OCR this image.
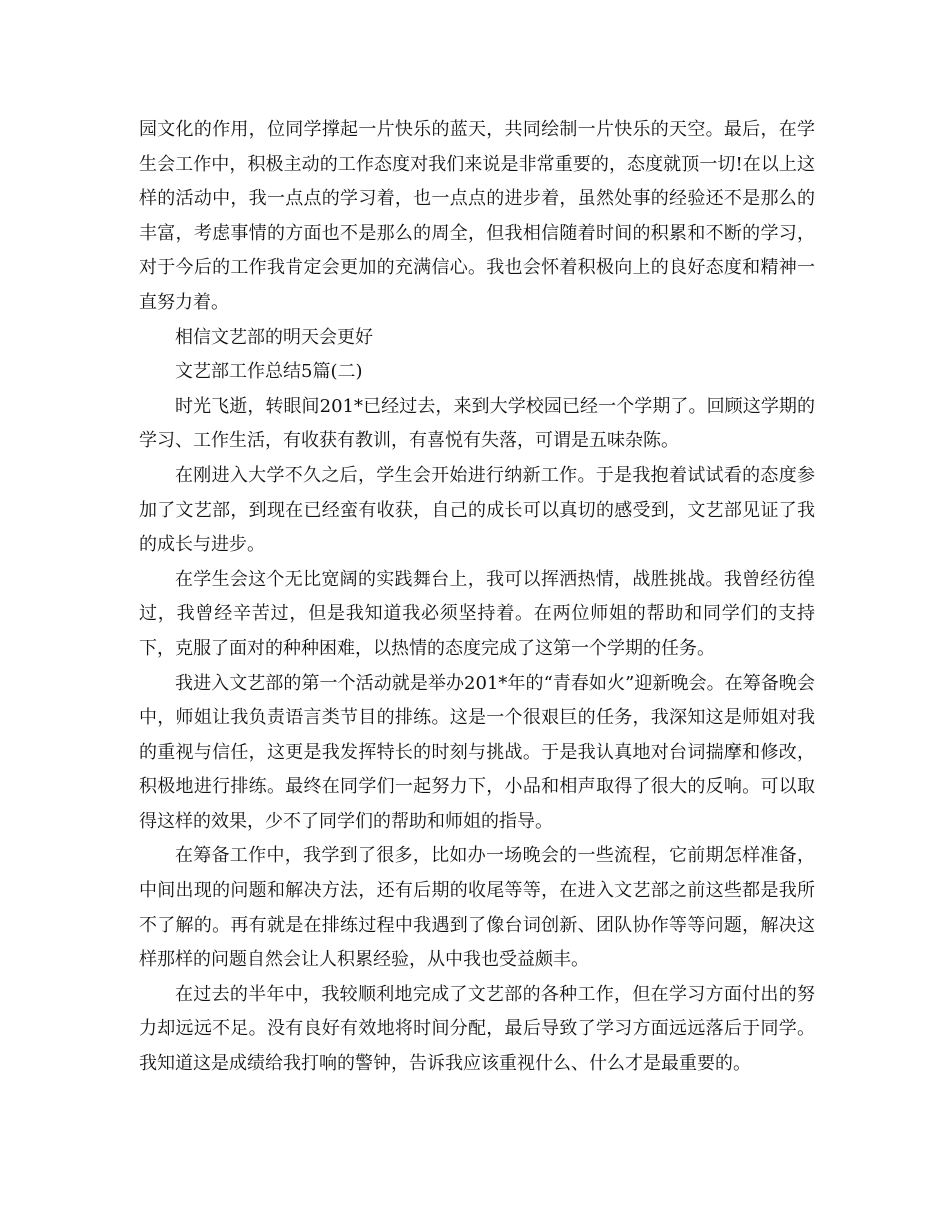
园文化的作用，位同学撑起一片快乐的蓝天，共同绘制一片快乐的天空。最后，在学生会工作中，积极主动的工作态度对我们来说是非常重要的，态度就顶一切!在以上这样的活动中，我一点点的学习着，也一点点的进步着，虽然处事的经验还不是那么的丰富，考虑事情的方面也不是那么的周全，但我相信随着时间的积累和不断的学习，对于今后的工作我肯定会更加的充满信心。我也会怀着积极向上的良好态度和精神一直努力着。

相信文艺部的明天会更好

文艺部工作总结5篇(二)

时光飞逝，转眼间201*已经过去，来到大学校园已经一个学期了。回顾这学期的学习、工作生活，有收获有教训，有喜悦有失落，可谓是五味杂陈。

在刚进入大学不久之后，学生会开始进行纳新工作。于是我抱着试试看的态度参加了文艺部，到现在已经蛮有收获，自己的成长可以真切的感受到，文艺部见证了我的成长与进步。

在学生会这个无比宽阔的实践舞台上，我可以挥洒热情，战胜挑战。我曾经彷徨过，我曾经辛苦过，但是我知道我必须坚持着。在两位师姐的帮助和同学们的支持下，克服了面对的种种困难，以热情的态度完成了这第一个学期的任务。

我进入文艺部的第一个活动就是举办201*年的“青春如火”迎新晚会。在筹备晚会中，师姐让我负责语言类节目的排练。这是一个很艰巨的任务，我深知这是师姐对我的重视与信任，这更是我发挥特长的时刻与挑战。于是我认真地对台词揣摩和修改，积极地进行排练。最终在同学们一起努力下，小品和相声取得了很大的反响。可以取得这样的效果，少不了同学们的帮助和师姐的指导。

在筹备工作中，我学到了很多，比如办一场晚会的一些流程，它前期怎样准备，中间出现的问题和解决方法，还有后期的收尾等等，在进入文艺部之前这些都是我所不了解的。再有就是在排练过程中我遇到了像台词创新、团队协作等等问题，解决这样那样的问题自然会让人积累经验，从中我也受益颇丰。

在过去的半年中，我较顺利地完成了文艺部的各种工作，但在学习方面付出的努力却远远不足。没有良好有效地将时间分配，最后导致了学习方面远远落后于同学。我知道这是成绩给我打响的警钟，告诉我应该重视什么、什么才是最重要的。
